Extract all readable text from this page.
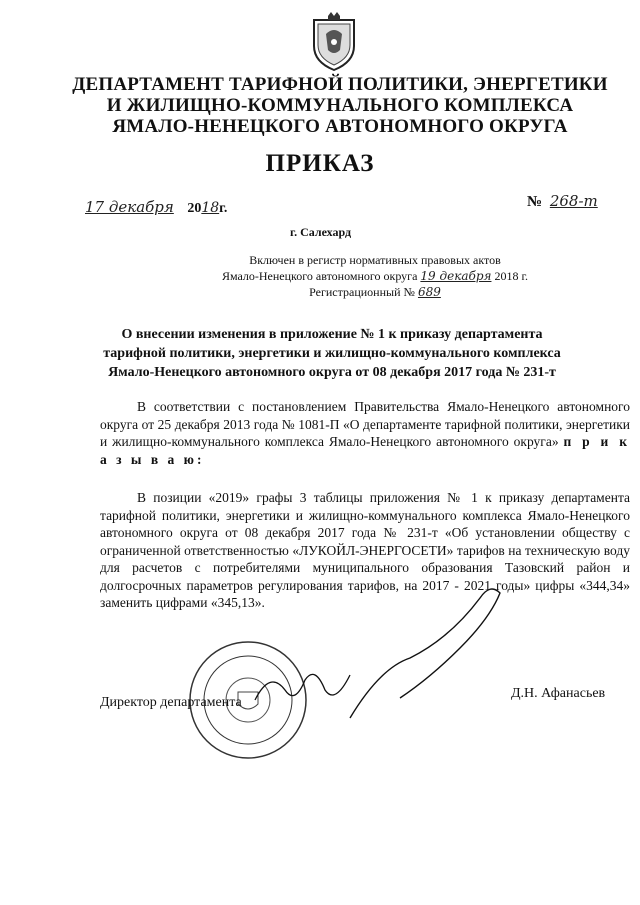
ДЕПАРТАМЕНТ ТАРИФНОЙ ПОЛИТИКИ, ЭНЕРГЕТИКИ
И ЖИЛИЩНО-КОММУНАЛЬНОГО КОМПЛЕКСА
ЯМАЛО-НЕНЕЦКОГО АВТОНОМНОГО ОКРУГА
ПРИКАЗ
17 декабря 2018г.	№ 268-т
г. Салехард
Включен в регистр нормативных правовых актов
Ямало-Ненецкого автономного округа 19 декабря 2018 г.
Регистрационный № 689
О внесении изменения в приложение № 1 к приказу департамента
тарифной политики, энергетики и жилищно-коммунального комплекса
Ямало-Ненецкого автономного округа от 08 декабря 2017 года № 231-т
В соответствии с постановлением Правительства Ямало-Ненецкого автономного округа от 25 декабря 2013 года № 1081-П «О департаменте тарифной политики, энергетики и жилищно-коммунального комплекса Ямало-Ненецкого автономного округа» п р и к а з ы в а ю:
В позиции «2019» графы 3 таблицы приложения № 1 к приказу департамента тарифной политики, энергетики и жилищно-коммунального комплекса Ямало-Ненецкого автономного округа от 08 декабря 2017 года № 231-т «Об установлении обществу с ограниченной ответственностью «ЛУКОЙЛ-ЭНЕРГОСЕТИ» тарифов на техническую воду для расчетов с потребителями муниципального образования Тазовский район и долгосрочных параметров регулирования тарифов, на 2017 - 2021 годы» цифры «344,34» заменить цифрами «345,13».
Директор департамента
Д.Н. Афанасьев
